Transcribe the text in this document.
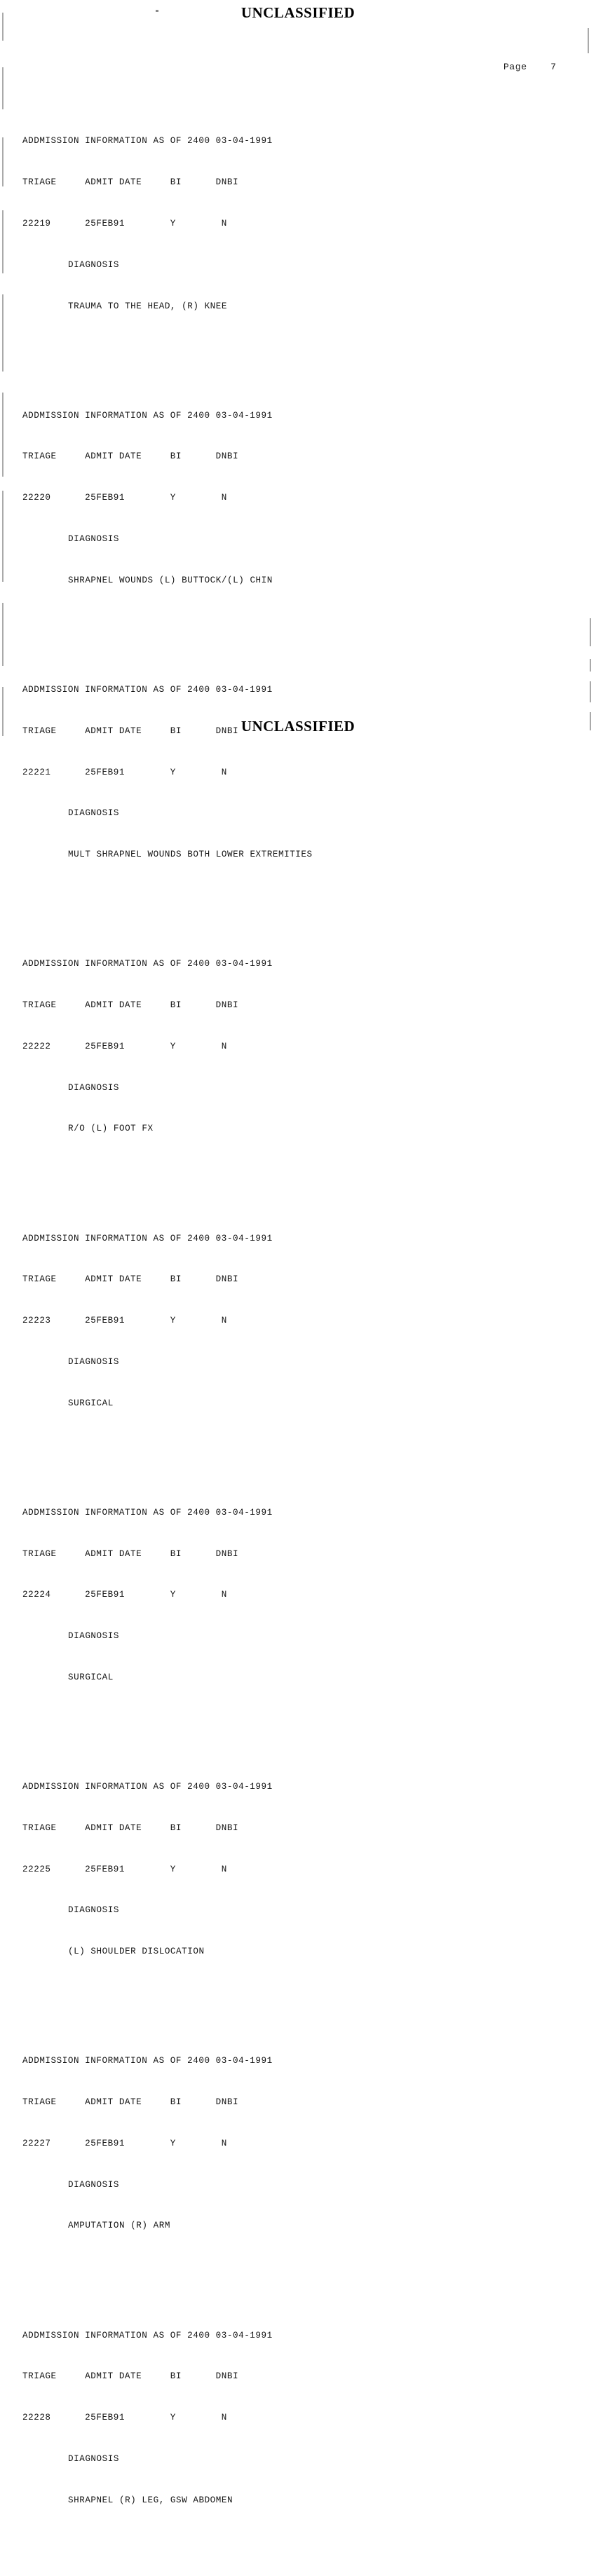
UNCLASSIFIED
Page    7

ADDMISSION INFORMATION AS OF 2400 03-04-1991

TRIAGE     ADMIT DATE     BI      DNBI

22219      25FEB91        Y        N

DIAGNOSIS

TRAUMA TO THE HEAD, (R) KNEE

ADDMISSION INFORMATION AS OF 2400 03-04-1991

TRIAGE     ADMIT DATE     BI      DNBI

22220      25FEB91        Y        N

DIAGNOSIS

SHRAPNEL WOUNDS (L) BUTTOCK/(L) CHIN

ADDMISSION INFORMATION AS OF 2400 03-04-1991

TRIAGE     ADMIT DATE     BI      DNBI

22221      25FEB91        Y        N

DIAGNOSIS

MULT SHRAPNEL WOUNDS BOTH LOWER EXTREMITIES

ADDMISSION INFORMATION AS OF 2400 03-04-1991

TRIAGE     ADMIT DATE     BI      DNBI

22222      25FEB91        Y        N

DIAGNOSIS

R/O (L) FOOT FX

ADDMISSION INFORMATION AS OF 2400 03-04-1991

TRIAGE     ADMIT DATE     BI      DNBI

22223      25FEB91        Y        N

DIAGNOSIS

SURGICAL

ADDMISSION INFORMATION AS OF 2400 03-04-1991

TRIAGE     ADMIT DATE     BI      DNBI

22224      25FEB91        Y        N

DIAGNOSIS

SURGICAL

ADDMISSION INFORMATION AS OF 2400 03-04-1991

TRIAGE     ADMIT DATE     BI      DNBI

22225      25FEB91        Y        N

DIAGNOSIS

(L) SHOULDER DISLOCATION

ADDMISSION INFORMATION AS OF 2400 03-04-1991

TRIAGE     ADMIT DATE     BI      DNBI

22227      25FEB91        Y        N

DIAGNOSIS

AMPUTATION (R) ARM

ADDMISSION INFORMATION AS OF 2400 03-04-1991

TRIAGE     ADMIT DATE     BI      DNBI

22228      25FEB91        Y        N

DIAGNOSIS

SHRAPNEL (R) LEG, GSW ABDOMEN

UNCLASSIFIED
